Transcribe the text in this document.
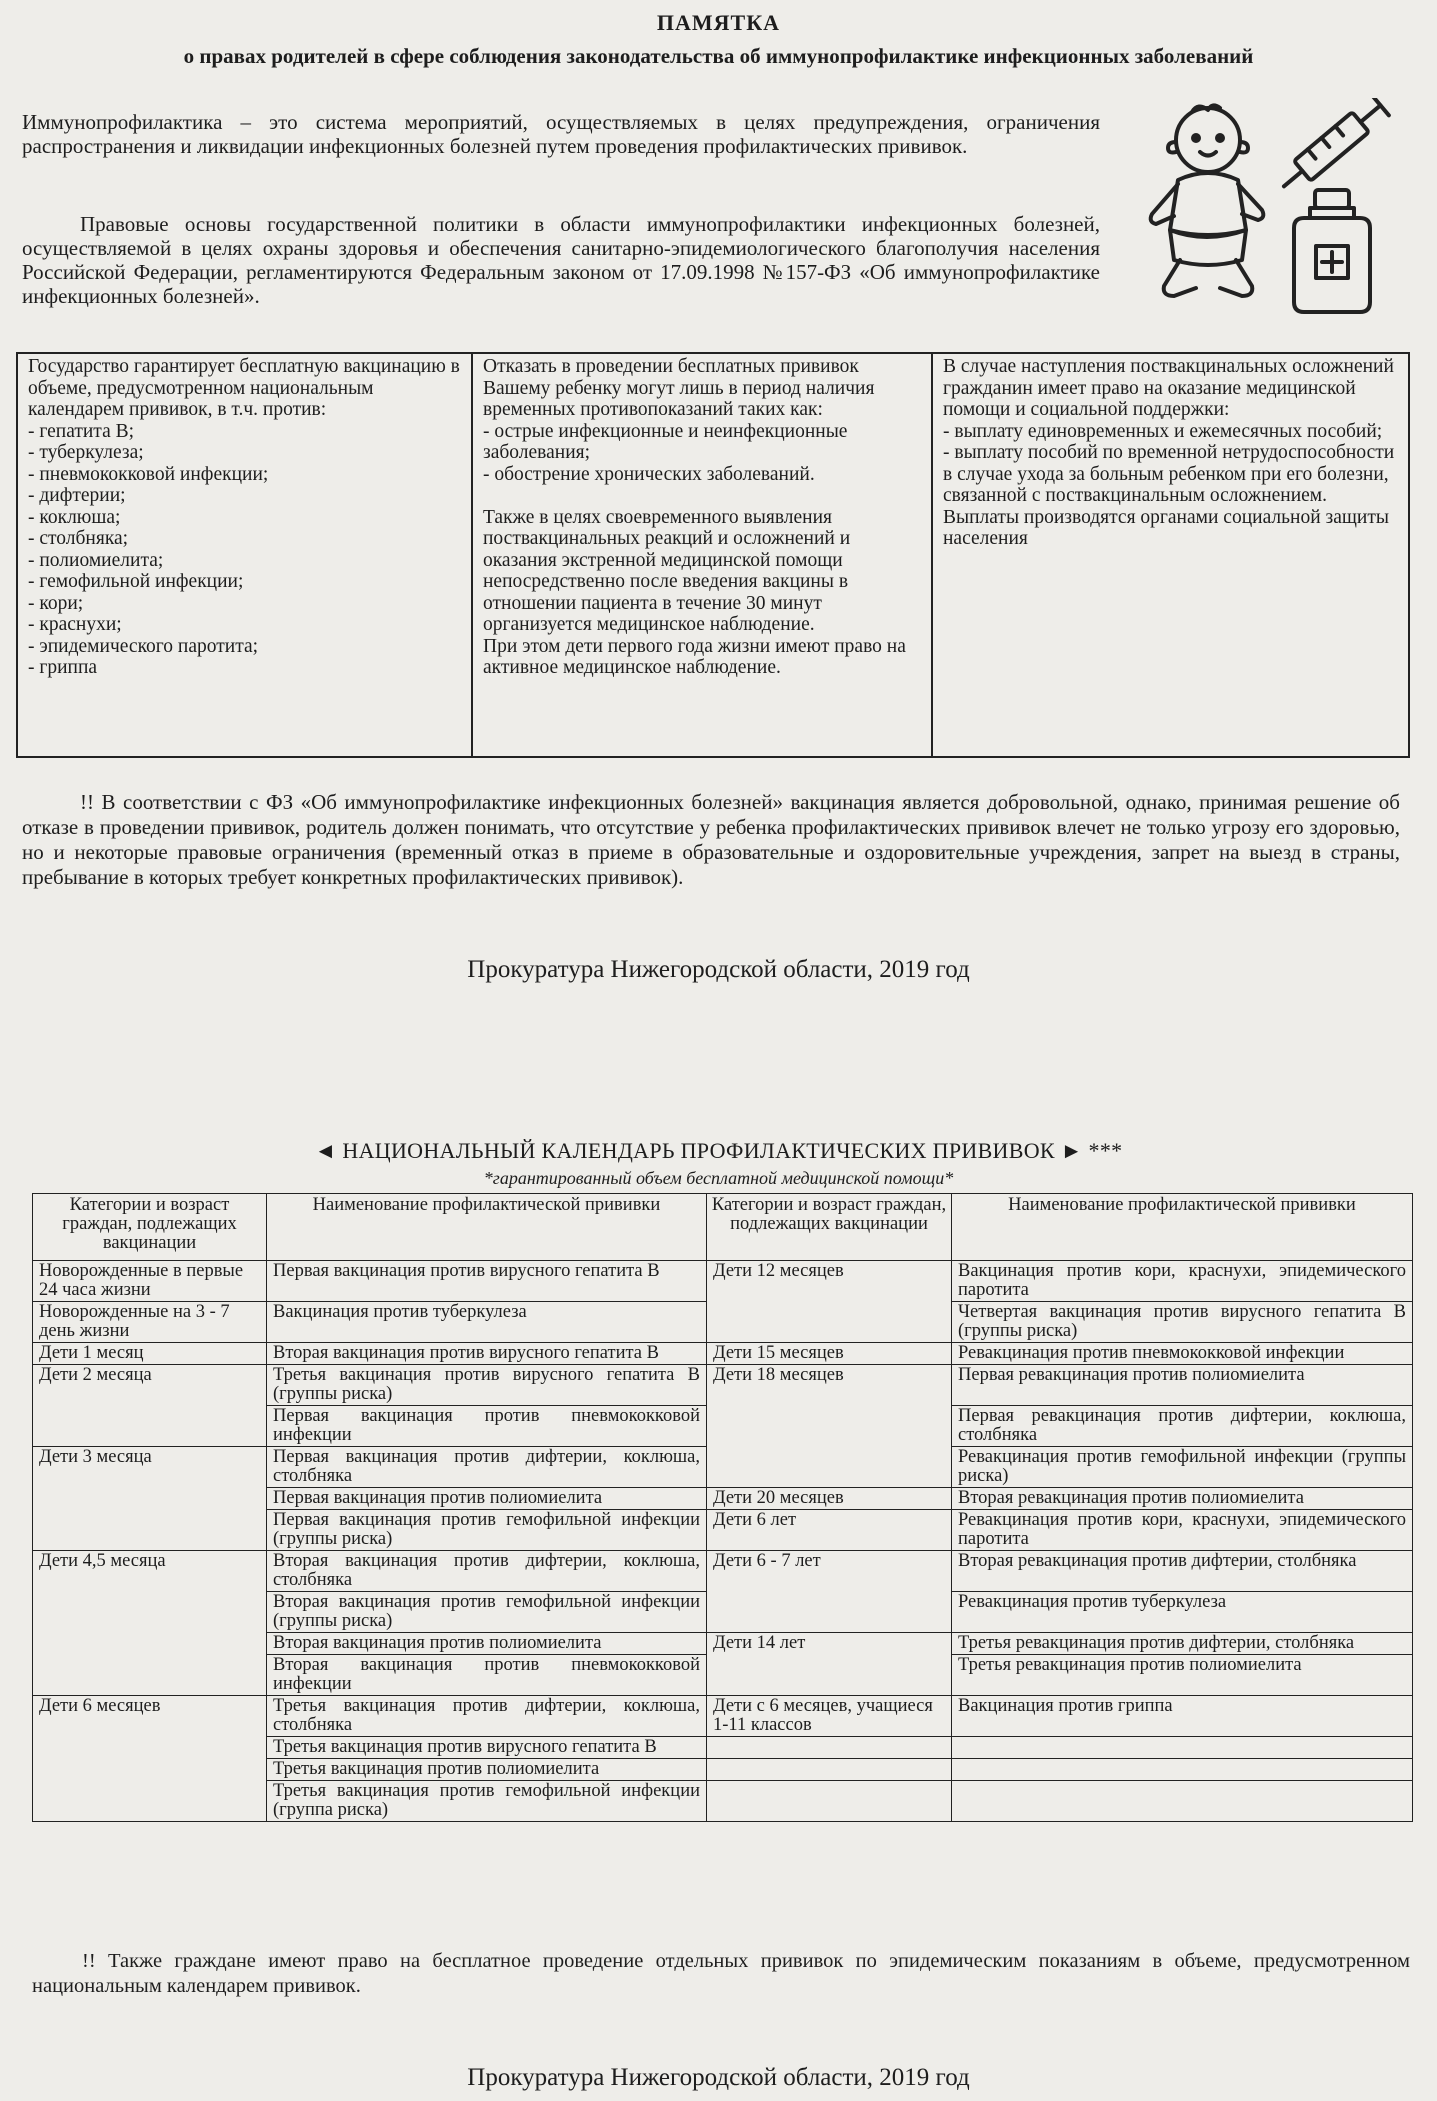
ПАМЯТКА
о правах родителей в сфере соблюдения законодательства об иммунопрофилактике инфекционных заболеваний
Иммунопрофилактика – это система мероприятий, осуществляемых в целях предупреждения, ограничения распространения и ликвидации инфекционных болезней путем проведения профилактических прививок.
Правовые основы государственной политики в области иммунопрофилактики инфекционных болезней, осуществляемой в целях охраны здоровья и обеспечения санитарно-эпидемиологического благополучия населения Российской Федерации, регламентируются Федеральным законом от 17.09.1998 №157-ФЗ «Об иммунопрофилактике инфекционных болезней».
Государство гарантирует бесплатную вакцинацию в объеме, предусмотренном национальным календарем прививок, в т.ч. против:
- гепатита В;
- туберкулеза;
- пневмококковой инфекции;
- дифтерии;
- коклюша;
- столбняка;
- полиомиелита;
- гемофильной инфекции;
- кори;
- краснухи;
- эпидемического паротита;
- гриппа	Отказать в проведении бесплатных прививок Вашему ребенку могут лишь в период наличия временных противопоказаний таких как:
- острые инфекционные и неинфекционные заболевания;
- обострение хронических заболеваний.

Также в целях своевременного выявления поствакцинальных реакций и осложнений и оказания экстренной медицинской помощи непосредственно после введения вакцины в отношении пациента в течение 30 минут организуется медицинское наблюдение.
При этом дети первого года жизни имеют право на активное медицинское наблюдение.	В случае наступления поствакцинальных осложнений гражданин имеет право на оказание медицинской помощи и социальной поддержки:
- выплату единовременных и ежемесячных пособий;
- выплату пособий по временной нетрудоспособности в случае ухода за больным ребенком при его болезни, связанной с поствакцинальным осложнением.
Выплаты производятся органами социальной защиты населения
!! В соответствии с ФЗ «Об иммунопрофилактике инфекционных болезней» вакцинация является добровольной, однако, принимая решение об отказе в проведении прививок, родитель должен понимать, что отсутствие у ребенка профилактических прививок влечет не только угрозу его здоровью, но и некоторые правовые ограничения (временный отказ в приеме в образовательные и оздоровительные учреждения, запрет на выезд в страны, пребывание в которых требует конкретных профилактических прививок).
Прокуратура Нижегородской области, 2019 год
◄ НАЦИОНАЛЬНЫЙ КАЛЕНДАРЬ ПРОФИЛАКТИЧЕСКИХ ПРИВИВОК ► ***
*гарантированный объем бесплатной медицинской помощи*
Категории и возраст граждан, подлежащих вакцинации	Наименование профилактической прививки	Категории и возраст граждан, подлежащих вакцинации	Наименование профилактической прививки
Новорожденные в первые 24 часа жизни	Первая вакцинация против вирусного гепатита В	Дети 12 месяцев	Вакцинация против кори, краснухи, эпидемического паротита
Новорожденные на 3 - 7 день жизни	Вакцинация против туберкулеза		Четвертая вакцинация против вирусного гепатита В (группы риска)
Дети 1 месяц	Вторая вакцинация против вирусного гепатита В	Дети 15 месяцев	Ревакцинация против пневмококковой инфекции
Дети 2 месяца	Третья вакцинация против вирусного гепатита В (группы риска)	Дети 18 месяцев	Первая ревакцинация против полиомиелита
	Первая вакцинация против пневмококковой инфекции		Первая ревакцинация против дифтерии, коклюша, столбняка
Дети 3 месяца	Первая вакцинация против дифтерии, коклюша, столбняка		Ревакцинация против гемофильной инфекции (группы риска)
	Первая вакцинация против полиомиелита	Дети 20 месяцев	Вторая ревакцинация против полиомиелита
	Первая вакцинация против гемофильной инфекции (группы риска)	Дети 6 лет	Ревакцинация против кори, краснухи, эпидемического паротита
Дети 4,5 месяца	Вторая вакцинация против дифтерии, коклюша, столбняка	Дети 6 - 7 лет	Вторая ревакцинация против дифтерии, столбняка
	Вторая вакцинация против гемофильной инфекции (группы риска)		Ревакцинация против туберкулеза
	Вторая вакцинация против полиомиелита	Дети 14 лет	Третья ревакцинация против дифтерии, столбняка
	Вторая вакцинация против пневмококковой инфекции		Третья ревакцинация против полиомиелита
Дети 6 месяцев	Третья вакцинация против дифтерии, коклюша, столбняка	Дети с 6 месяцев, учащиеся 1-11 классов	Вакцинация против гриппа
	Третья вакцинация против вирусного гепатита В		
	Третья вакцинация против полиомиелита		
	Третья вакцинация против гемофильной инфекции (группа риска)		
!! Также граждане имеют право на бесплатное проведение отдельных прививок по эпидемическим показаниям в объеме, предусмотренном национальным календарем прививок.
Прокуратура Нижегородской области, 2019 год
